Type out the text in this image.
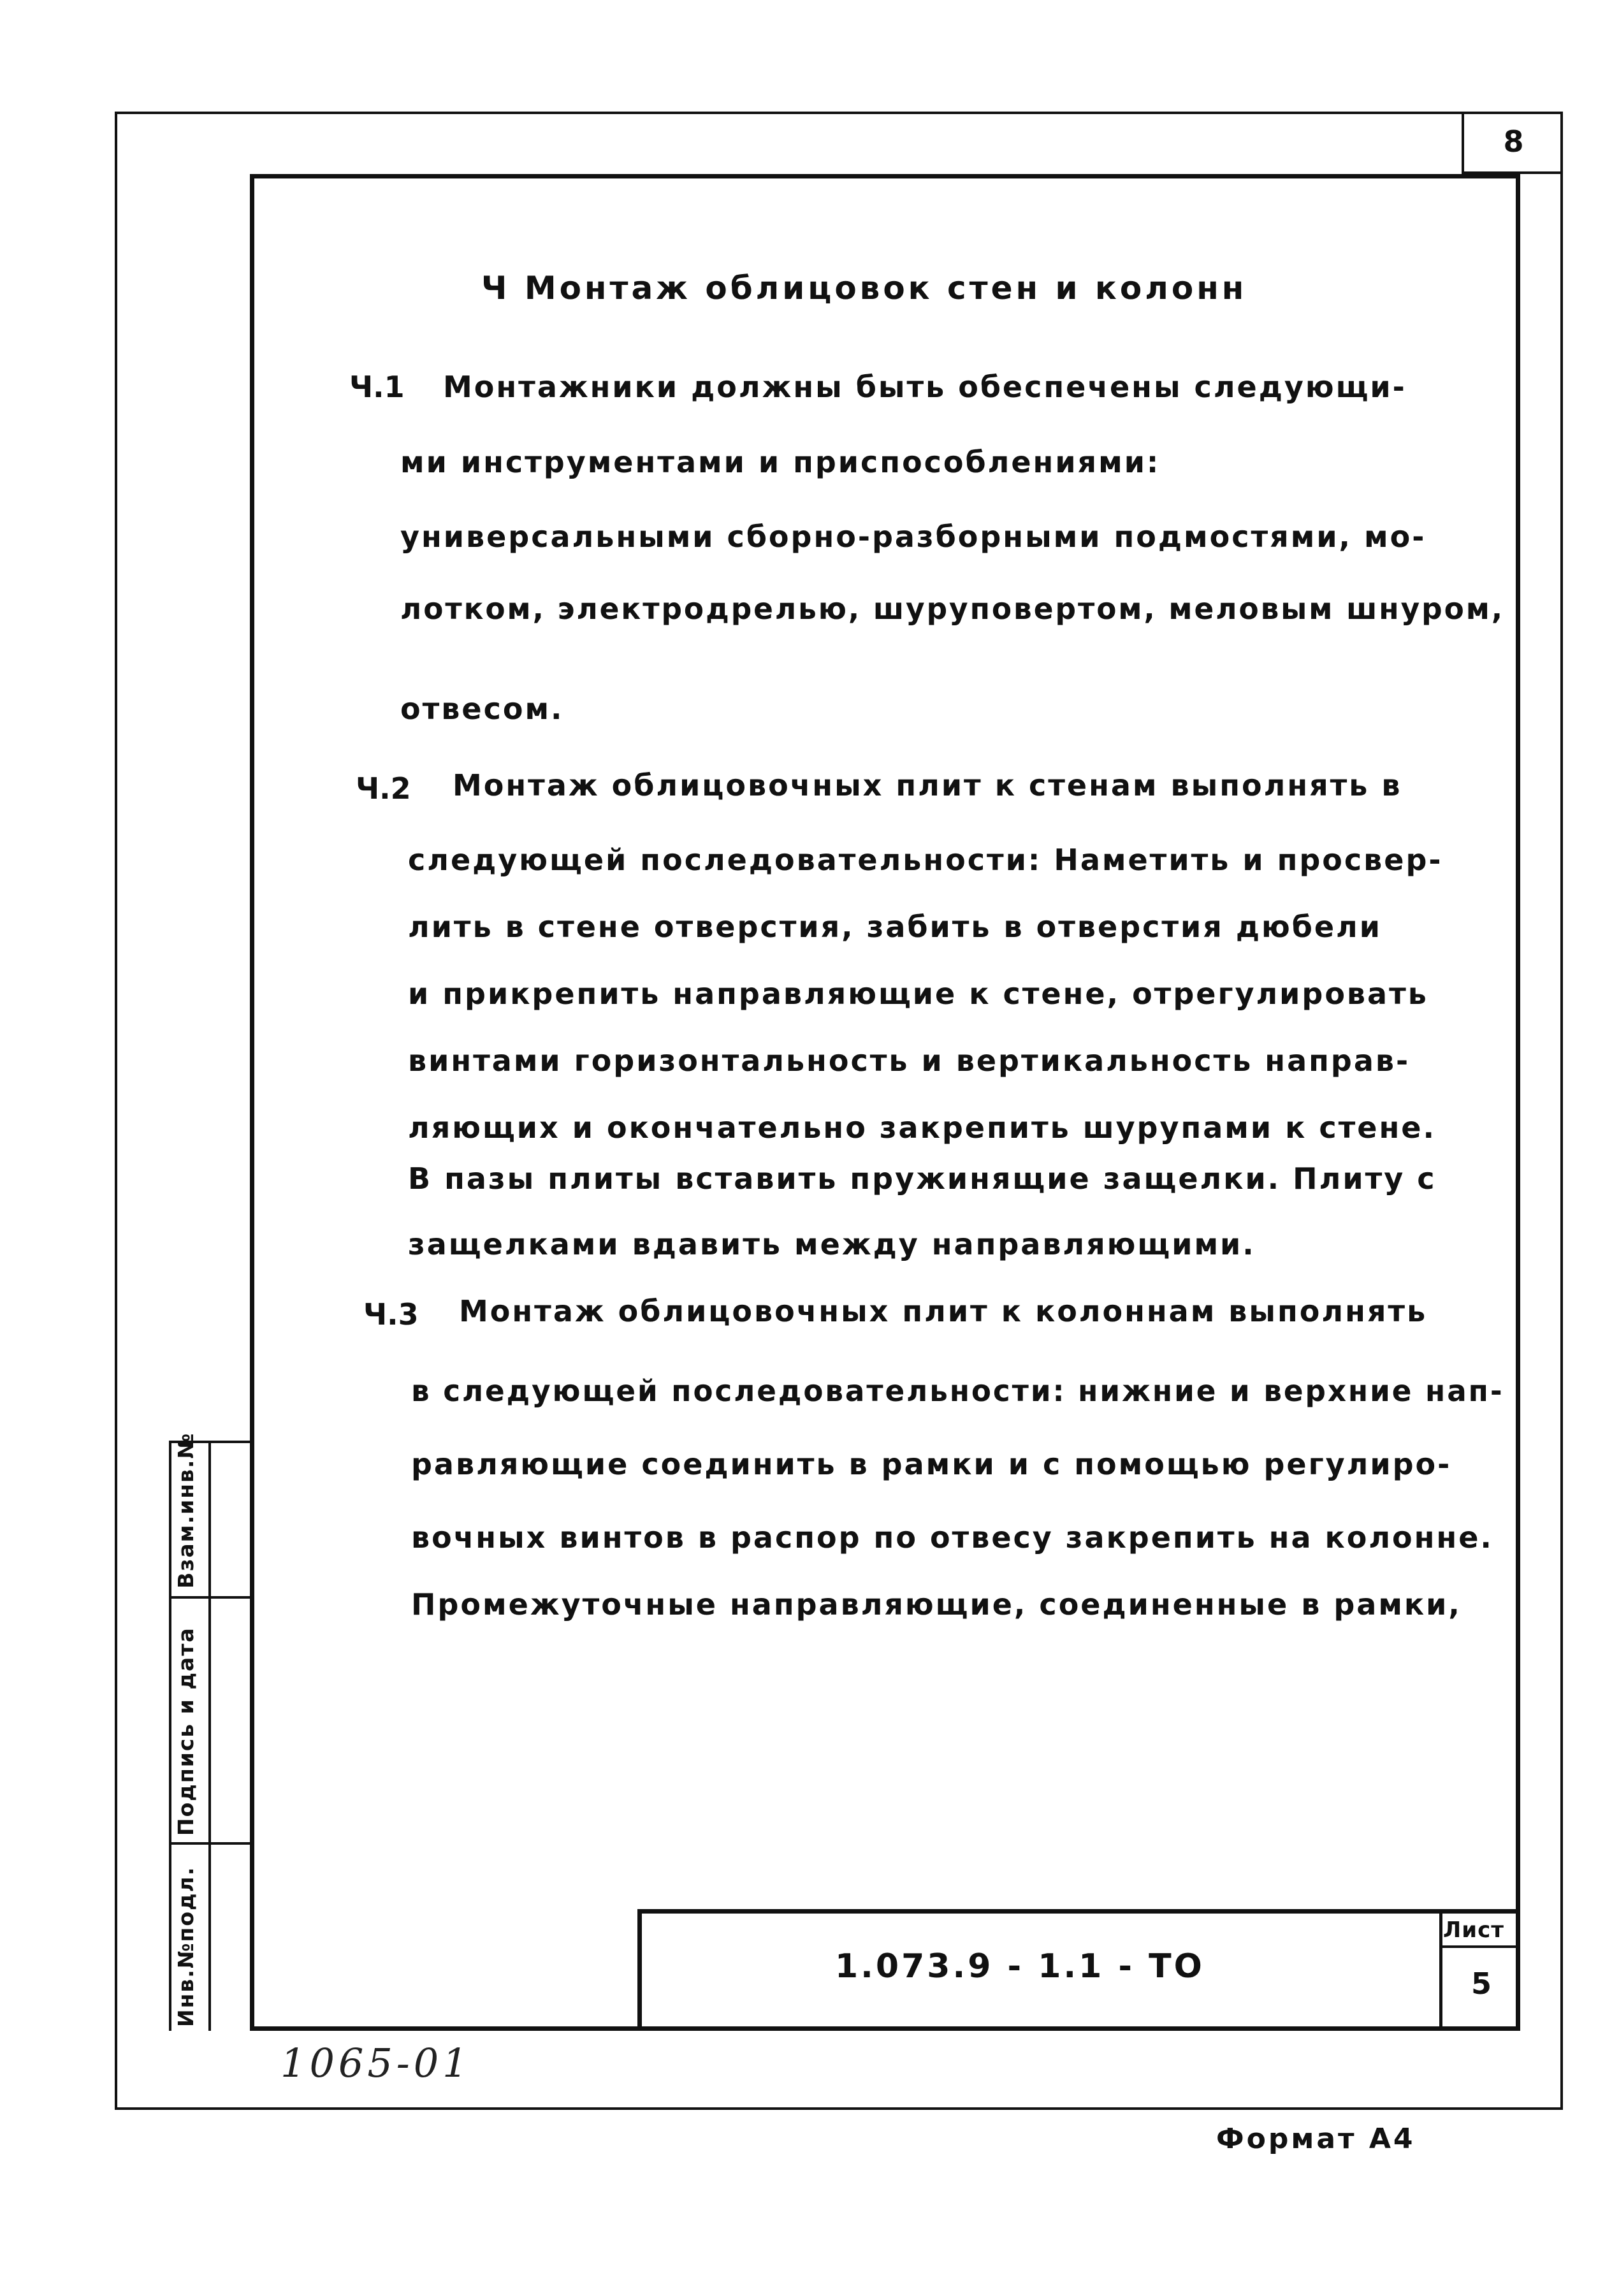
8
Ч Монтаж облицовок стен и колонн
Ч.1 Монтажники должны быть обеспечены следующи-
ми инструментами и приспособлениями:
универсальными сборно-разборными подмостями, мо-
лотком, электродрелью, шуруповертом, меловым шнуром,
отвесом.
Ч.2 Монтаж облицовочных плит к стенам выполнять в
следующей последовательности: Наметить и просвер-
лить в стене отверстия, забить в отверстия дюбели
и прикрепить направляющие к стене, отрегулировать
винтами горизонтальность и вертикальность направ-
ляющих и окончательно закрепить шурупами к стене.
В пазы плиты вставить пружинящие защелки. Плиту с
защелками вдавить между направляющими.
Ч.3 Монтаж облицовочных плит к колоннам выполнять
в следующей последовательности: нижние и верхние нап-
равляющие соединить в рамки и с помощью регулиро-
вочных винтов в распор по отвесу закрепить на колонне.
Промежуточные направляющие, соединенные в рамки,
Инв.№подл.
Подпись и дата
Взам.инв.№
1.073.9 - 1.1 - ТО
Лист
5
1065-01
Формат А4
